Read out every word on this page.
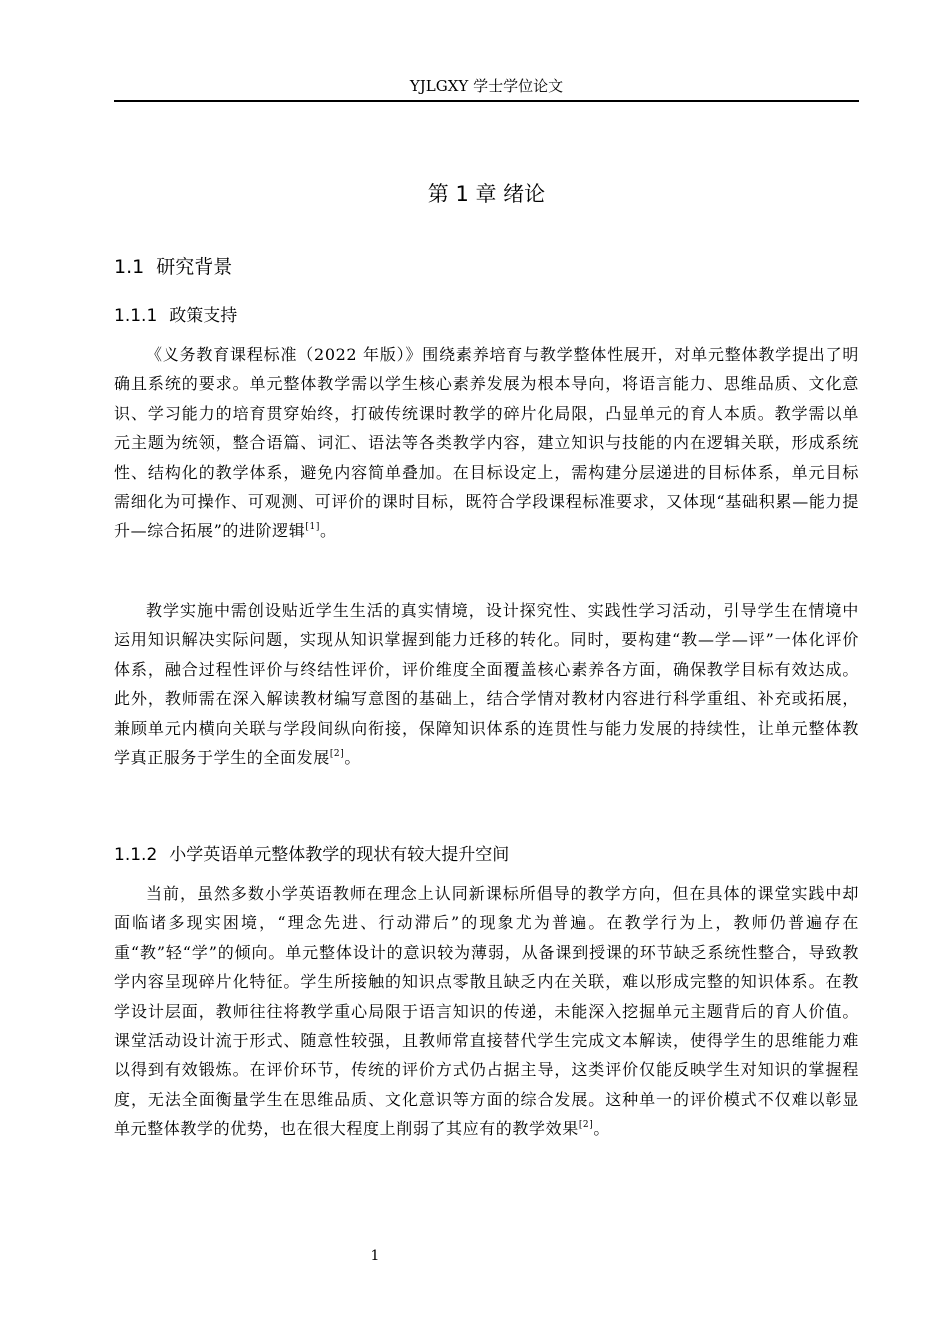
YJLGXY 学士学位论文
第 1 章 绪论
1.1 研究背景
1.1.1 政策支持

《义务教育课程标准（2022 年版）》围绕素养培育与教学整体性展开，对单元整体教学提出了明确且系统的要求。单元整体教学需以学生核心素养发展为根本导向，将语言能力、思维品质、文化意识、学习能力的培育贯穿始终，打破传统课时教学的碎片化局限，凸显单元的育人本质。教学需以单元主题为统领，整合语篇、词汇、语法等各类教学内容，建立知识与技能的内在逻辑关联，形成系统性、结构化的教学体系，避免内容简单叠加。在目标设定上，需构建分层递进的目标体系，单元目标需细化为可操作、可观测、可评价的课时目标，既符合学段课程标准要求，又体现“基础积累—能力提升—综合拓展”的进阶逻辑[1]。

教学实施中需创设贴近学生生活的真实情境，设计探究性、实践性学习活动，引导学生在情境中运用知识解决实际问题，实现从知识掌握到能力迁移的转化。同时，要构建“教—学—评”一体化评价体系，融合过程性评价与终结性评价，评价维度全面覆盖核心素养各方面，确保教学目标有效达成。此外，教师需在深入解读教材编写意图的基础上，结合学情对教材内容进行科学重组、补充或拓展，兼顾单元内横向关联与学段间纵向衔接，保障知识体系的连贯性与能力发展的持续性，让单元整体教学真正服务于学生的全面发展[2]。

1.1.2 小学英语单元整体教学的现状有较大提升空间

当前，虽然多数小学英语教师在理念上认同新课标所倡导的教学方向，但在具体的课堂实践中却面临诸多现实困境，“理念先进、行动滞后”的现象尤为普遍。在教学行为上，教师仍普遍存在重“教”轻“学”的倾向。单元整体设计的意识较为薄弱，从备课到授课的环节缺乏系统性整合，导致教学内容呈现碎片化特征。学生所接触的知识点零散且缺乏内在关联，难以形成完整的知识体系。在教学设计层面，教师往往将教学重心局限于语言知识的传递，未能深入挖掘单元主题背后的育人价值。课堂活动设计流于形式、随意性较强，且教师常直接替代学生完成文本解读，使得学生的思维能力难以得到有效锻炼。在评价环节，传统的评价方式仍占据主导，这类评价仅能反映学生对知识的掌握程度，无法全面衡量学生在思维品质、文化意识等方面的综合发展。这种单一的评价模式不仅难以彰显单元整体教学的优势，也在很大程度上削弱了其应有的教学效果[2]。

1
